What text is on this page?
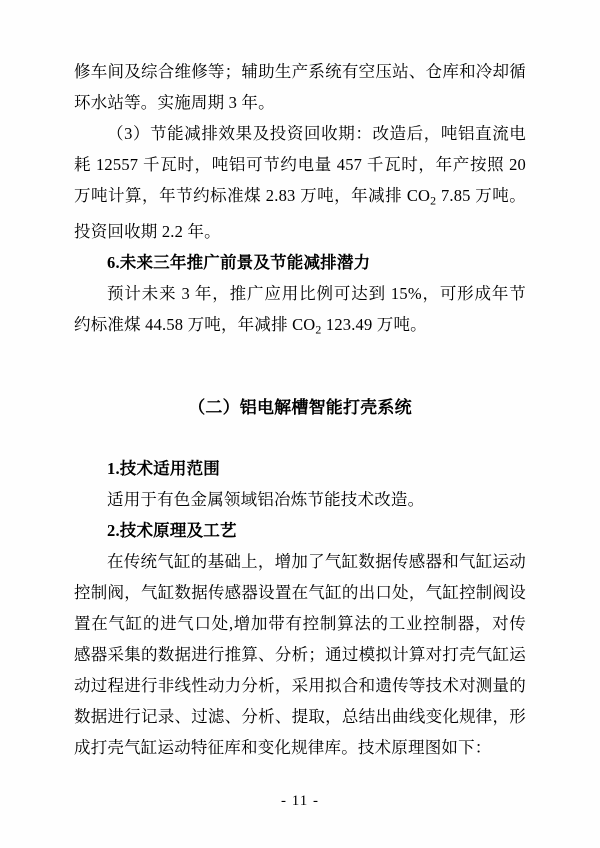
修车间及综合维修等；辅助生产系统有空压站、仓库和冷却循环水站等。实施周期 3 年。

（3）节能减排效果及投资回收期：改造后，吨铝直流电耗 12557 千瓦时，吨铝可节约电量 457 千瓦时，年产按照 20 万吨计算，年节约标准煤 2.83 万吨，年减排 $CO_2$ 7.85 万吨。投资回收期 2.2 年。

6.未来三年推广前景及节能减排潜力

预计未来 3 年，推广应用比例可达到 15%，可形成年节约标准煤 44.58 万吨，年减排 $CO_2$ 123.49 万吨。

（二）铝电解槽智能打壳系统

1.技术适用范围

适用于有色金属领域铝冶炼节能技术改造。

2.技术原理及工艺

在传统气缸的基础上，增加了气缸数据传感器和气缸运动控制阀，气缸数据传感器设置在气缸的出口处，气缸控制阀设置在气缸的进气口处,增加带有控制算法的工业控制器，对传感器采集的数据进行推算、分析；通过模拟计算对打壳气缸运动过程进行非线性动力分析，采用拟合和遗传等技术对测量的数据进行记录、过滤、分析、提取，总结出曲线变化规律，形成打壳气缸运动特征库和变化规律库。技术原理图如下：

- 11 -
